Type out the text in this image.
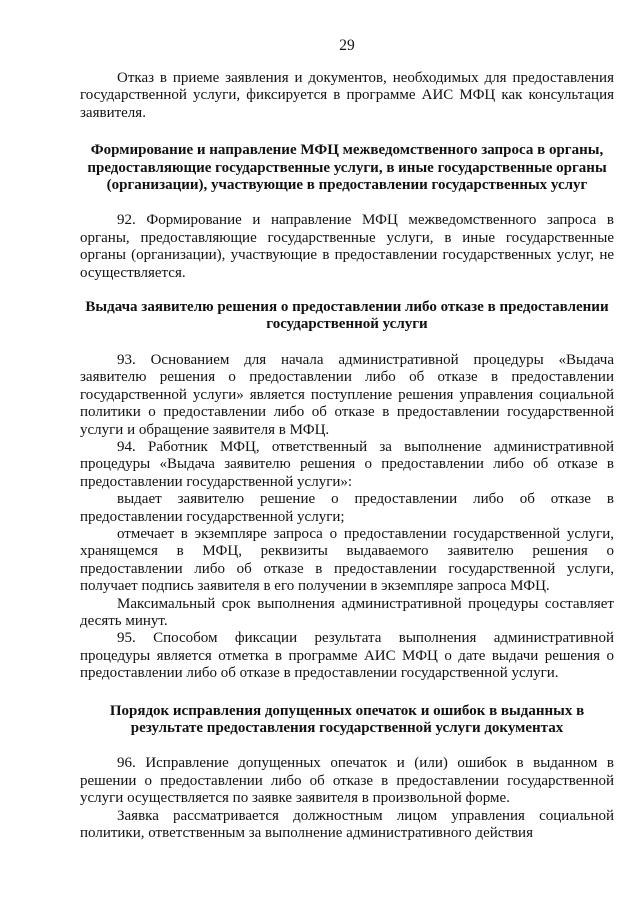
29

Отказ в приеме заявления и документов, необходимых для предоставления государственной услуги, фиксируется в программе АИС МФЦ как консультация заявителя.

Формирование и направление МФЦ межведомственного запроса в органы, предоставляющие государственные услуги, в иные государственные органы (организации), участвующие в предоставлении государственных услуг

92. Формирование и направление МФЦ межведомственного запроса в органы, предоставляющие государственные услуги, в иные государственные органы (организации), участвующие в предоставлении государственных услуг, не осуществляется.

Выдача заявителю решения о предоставлении либо отказе в предоставлении государственной услуги

93. Основанием для начала административной процедуры «Выдача заявителю решения о предоставлении либо об отказе в предоставлении государственной услуги» является поступление решения управления социальной политики о предоставлении либо об отказе в предоставлении государственной услуги и обращение заявителя в МФЦ.

94. Работник МФЦ, ответственный за выполнение административной процедуры «Выдача заявителю решения о предоставлении либо об отказе в предоставлении государственной услуги»:

выдает заявителю решение о предоставлении либо об отказе в предоставлении государственной услуги;

отмечает в экземпляре запроса о предоставлении государственной услуги, хранящемся в МФЦ, реквизиты выдаваемого заявителю решения о предоставлении либо об отказе в предоставлении государственной услуги, получает подпись заявителя в его получении в экземпляре запроса МФЦ.

Максимальный срок выполнения административной процедуры составляет десять минут.

95. Способом фиксации результата выполнения административной процедуры является отметка в программе АИС МФЦ о дате выдачи решения о предоставлении либо об отказе в предоставлении государственной услуги.

Порядок исправления допущенных опечаток и ошибок в выданных в результате предоставления государственной услуги документах

96. Исправление допущенных опечаток и (или) ошибок в выданном в решении о предоставлении либо об отказе в предоставлении государственной услуги осуществляется по заявке заявителя в произвольной форме.

Заявка рассматривается должностным лицом управления социальной политики, ответственным за выполнение административного действия
